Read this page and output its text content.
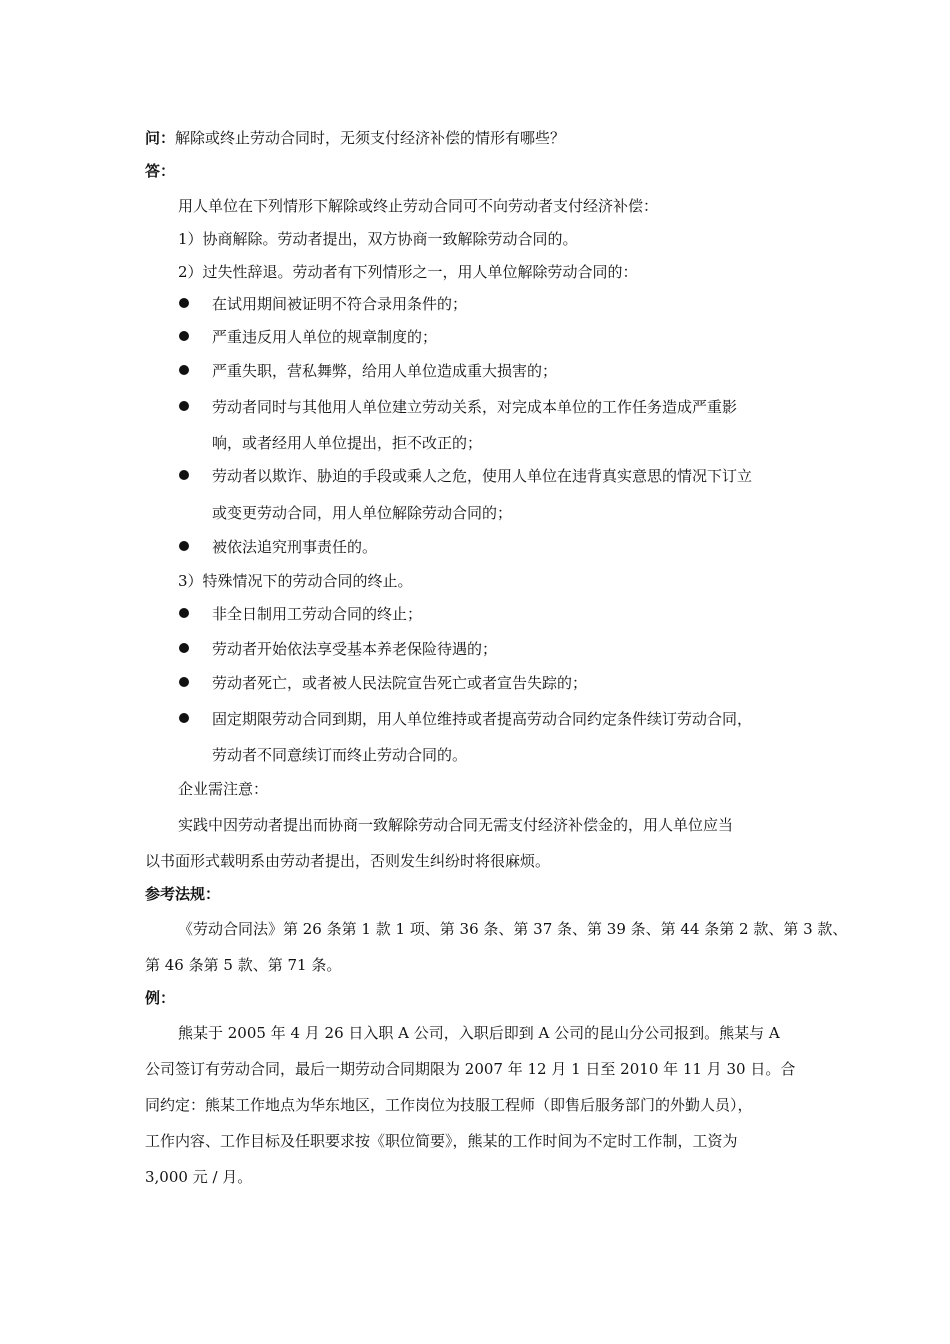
问：解除或终止劳动合同时，无须支付经济补偿的情形有哪些？
答：
用人单位在下列情形下解除或终止劳动合同可不向劳动者支付经济补偿：
1）协商解除。劳动者提出，双方协商一致解除劳动合同的。
2）过失性辞退。劳动者有下列情形之一，用人单位解除劳动合同的：
在试用期间被证明不符合录用条件的；
严重违反用人单位的规章制度的；
严重失职，营私舞弊，给用人单位造成重大损害的；
劳动者同时与其他用人单位建立劳动关系，对完成本单位的工作任务造成严重影
响，或者经用人单位提出，拒不改正的；
劳动者以欺诈、胁迫的手段或乘人之危，使用人单位在违背真实意思的情况下订立
或变更劳动合同，用人单位解除劳动合同的；
被依法追究刑事责任的。
3）特殊情况下的劳动合同的终止。
非全日制用工劳动合同的终止；
劳动者开始依法享受基本养老保险待遇的；
劳动者死亡，或者被人民法院宣告死亡或者宣告失踪的；
固定期限劳动合同到期，用人单位维持或者提高劳动合同约定条件续订劳动合同，
劳动者不同意续订而终止劳动合同的。
企业需注意：
实践中因劳动者提出而协商一致解除劳动合同无需支付经济补偿金的，用人单位应当
以书面形式载明系由劳动者提出，否则发生纠纷时将很麻烦。
参考法规：
《劳动合同法》第 26 条第 1 款 1 项、第 36 条、第 37 条、第 39 条、第 44 条第 2 款、第 3 款、
第 46 条第 5 款、第 71 条。
例：
熊某于 2005 年 4 月 26 日入职 A 公司，入职后即到 A 公司的昆山分公司报到。熊某与 A
公司签订有劳动合同，最后一期劳动合同期限为 2007 年 12 月 1 日至 2010 年 11 月 30 日。合
同约定：熊某工作地点为华东地区，工作岗位为技服工程师（即售后服务部门的外勤人员），
工作内容、工作目标及任职要求按《职位简要》，熊某的工作时间为不定时工作制，工资为
3,000 元 / 月。
